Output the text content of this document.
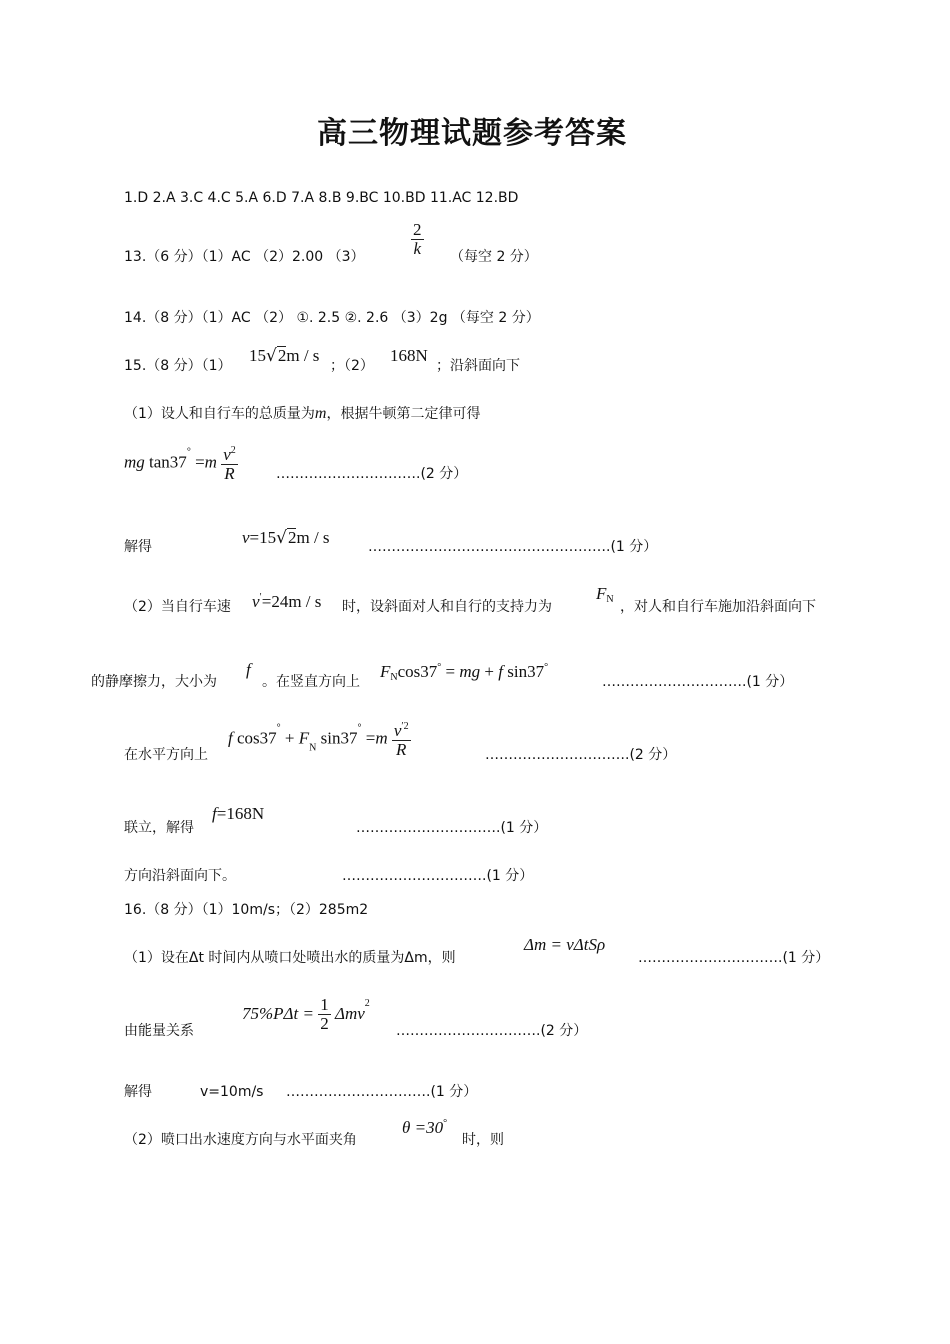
高三物理试题参考答案
1.D 2.A 3.C 4.C 5.A 6.D 7.A 8.B 9.BC 10.BD 11.AC 12.BD
13.（6 分）（1）AC （2）2.00 （3）	$\frac{2}{k}$ （每空 2 分）
14.（8 分）（1）AC （2） ①. 2.5 ②. 2.6 （3）2g （每空 2 分）
15.（8 分）（1）
15√2m / s
；（2）
168N
；沿斜面向下
（1）设人和自行车的总质量为m，根据牛顿第二定律可得
mg $\tan 37^\circ =m \frac{v^2}{R}$	………………………….(2 分）
解得	v=15√2m / s	…………………………………………….(1 分）
（2）当自行车速 v′=24m / s 时，设斜面对人和自行的支持力为
$F_N$ ，对人和自行车施加沿斜面向下
的静摩擦力，大小为
f
。在竖直方向上
$F_N\cos 37^\circ$ = mg + f sin37°
………………………….(1 分）
在水平方向上
f $\cos 37^\circ + F_N$ $\sin 37^\circ =m \frac{v^{'2}}{R}$	………………………….(2 分）
联立，解得
f=168N
………………………….(1 分）
方向沿斜面向下。	………………………….(1 分）
16.（8 分）（1）10m/s；（2）285m2
（1）设在Δt 时间内从喷口处喷出水的质量为Δm，则
Δm = vΔtSρ
………………………….(1 分）
由能量关系
$75\%P\Delta t = \frac{1}{2} \Delta mv^2$
………………………….(2 分）
解得	v=10m/s ………………………….(1 分）
（2）喷口出水速度方向与水平面夹角
θ =30°
时，则
